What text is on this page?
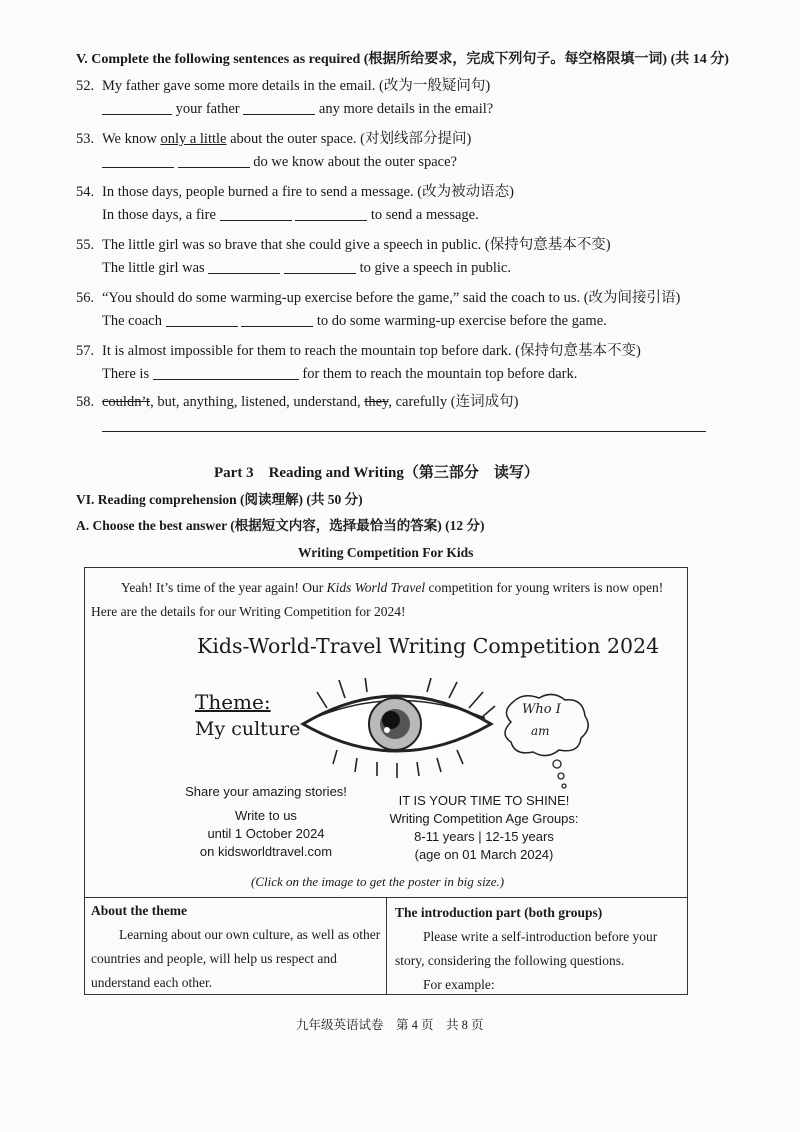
V. Complete the following sentences as required (根据所给要求，完成下列句子。每空格限填一词) (共 14 分)
52. My father gave some more details in the email. (改为一般疑问句)
your father	any more details in the email?
53. We know only a little about the outer space. (对划线部分提问)
do we know about the outer space?
54. In those days, people burned a fire to send a message. (改为被动语态)
In those days, a fire	to send a message.
55. The little girl was so brave that she could give a speech in public. (保持句意基本不变)
The little girl was	to give a speech in public.
56. “You should do some warming-up exercise before the game,” said the coach to us. (改为间接引语)
The coach	to do some warming-up exercise before the game.
57. It is almost impossible for them to reach the mountain top before dark. (保持句意基本不变)
There is	for them to reach the mountain top before dark.
58. couldn’t, but, anything, listened, understand, they, carefully (连词成句)
Part 3    Reading and Writing（第三部分    读写）
VI. Reading comprehension (阅读理解) (共 50 分)
A. Choose the best answer (根据短文内容，选择最恰当的答案) (12 分)
Writing Competition For Kids
Yeah! It’s time of the year again! Our Kids World Travel competition for young writers is now open!
Here are the details for our Writing Competition for 2024!
Kids-World-Travel Writing Competition 2024
Theme:
My culture
Who I
am
Share your amazing stories!
Write to us
until 1 October 2024
on kidsworldtravel.com
IT IS YOUR TIME TO SHINE!
Writing Competition Age Groups:
8-11 years | 12-15 years
(age on 01 March 2024)
(Click on the image to get the poster in big size.)

About the theme

Learning about our own culture, as well as other countries and people, will help us respect and understand each other.

The introduction part (both groups)

Please write a self-introduction before your story, considering the following questions.

For example:

九年级英语试卷    第 4 页    共 8 页
